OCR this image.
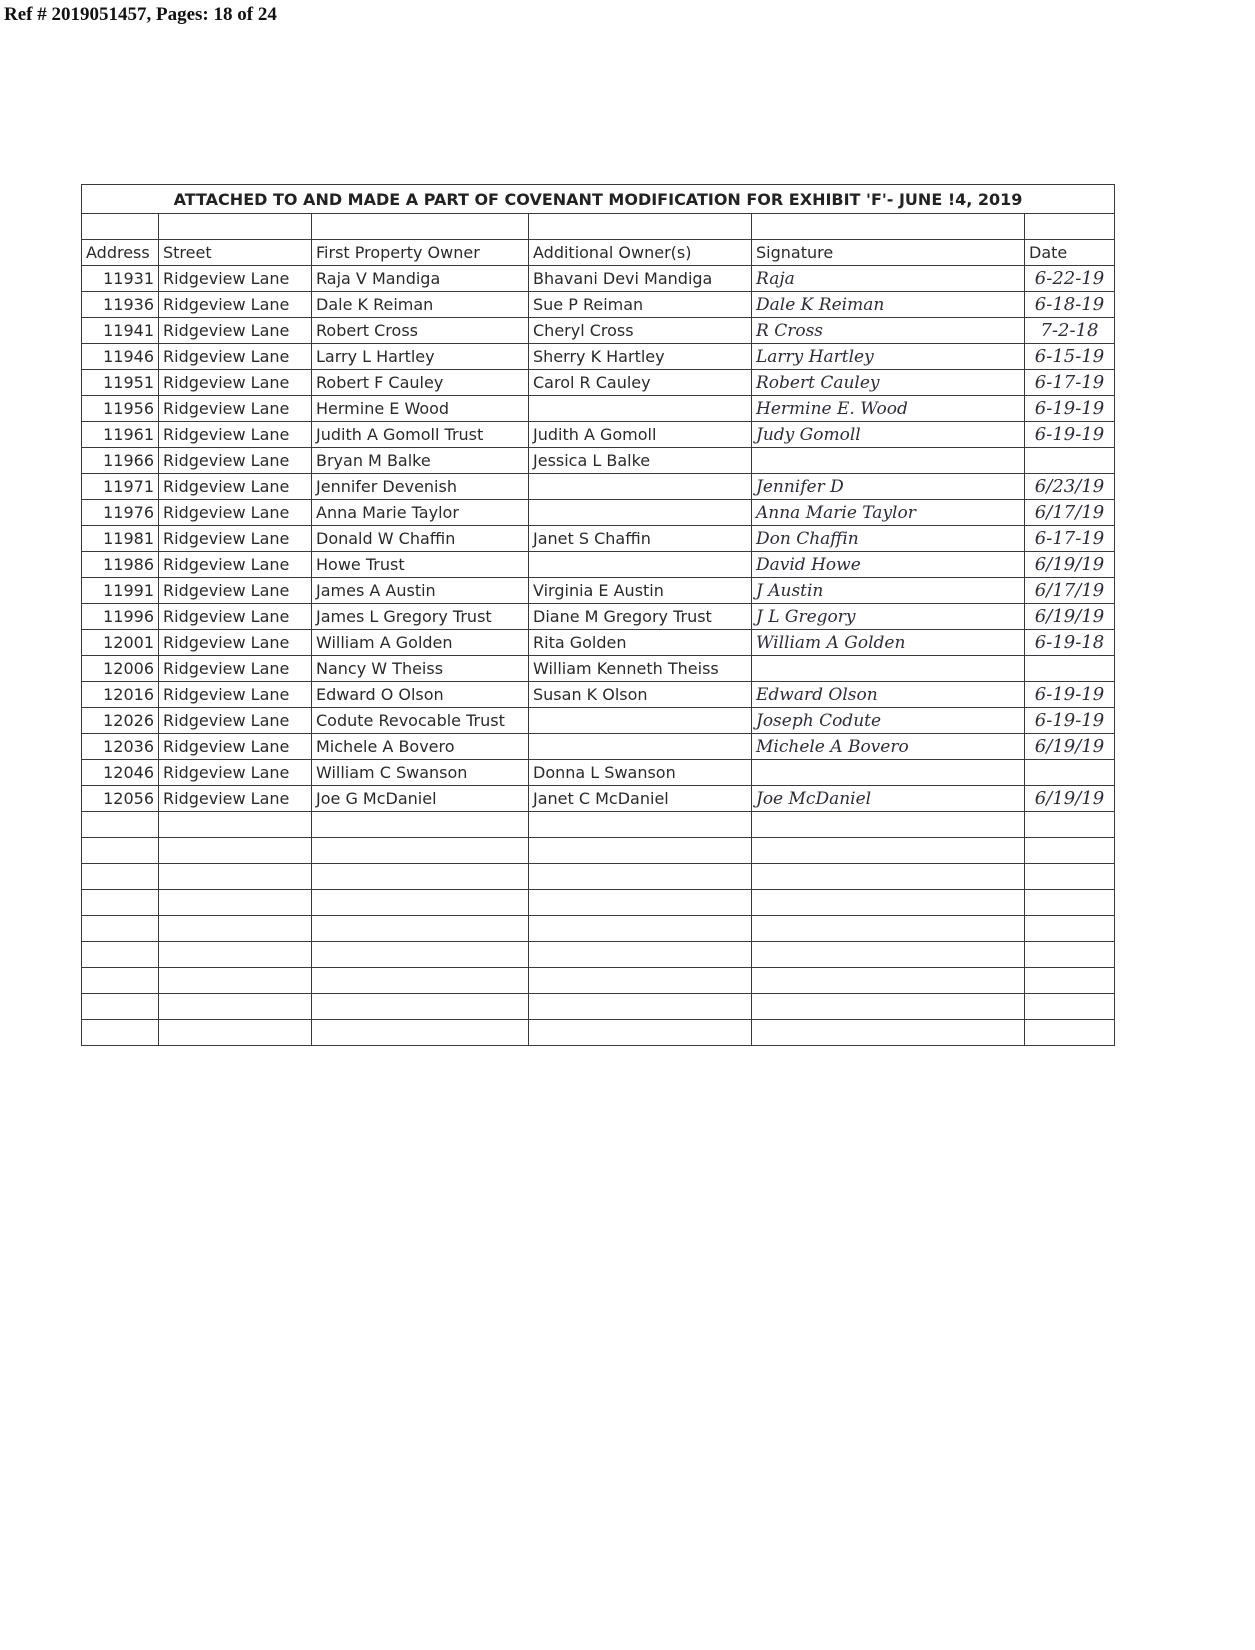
Ref # 2019051457, Pages: 18 of 24
ATTACHED TO AND MADE A PART OF COVENANT MODIFICATION FOR EXHIBIT 'F'- JUNE !4, 2019					

Address	Street	First Property Owner	Additional Owner(s)	Signature	Date
11931	Ridgeview Lane	Raja V Mandiga	Bhavani Devi Mandiga	Raja	6-22-19
11936	Ridgeview Lane	Dale K Reiman	Sue P Reiman	Dale K Reiman	6-18-19
11941	Ridgeview Lane	Robert Cross	Cheryl Cross	R Cross	7-2-18
11946	Ridgeview Lane	Larry L Hartley	Sherry K Hartley	Larry Hartley	6-15-19
11951	Ridgeview Lane	Robert F Cauley	Carol R Cauley	Robert Cauley	6-17-19
11956	Ridgeview Lane	Hermine E Wood		Hermine E. Wood	6-19-19
11961	Ridgeview Lane	Judith A Gomoll Trust	Judith A Gomoll	Judy Gomoll	6-19-19
11966	Ridgeview Lane	Bryan M Balke	Jessica L Balke		
11971	Ridgeview Lane	Jennifer Devenish		Jennifer D	6/23/19
11976	Ridgeview Lane	Anna Marie Taylor		Anna Marie Taylor	6/17/19
11981	Ridgeview Lane	Donald W Chaffin	Janet S Chaffin	Don Chaffin	6-17-19
11986	Ridgeview Lane	Howe Trust		David Howe	6/19/19
11991	Ridgeview Lane	James A Austin	Virginia E Austin	J Austin	6/17/19
11996	Ridgeview Lane	James L Gregory Trust	Diane M Gregory Trust	J L Gregory	6/19/19
12001	Ridgeview Lane	William A Golden	Rita Golden	William A Golden	6-19-18
12006	Ridgeview Lane	Nancy W Theiss	William Kenneth Theiss		
12016	Ridgeview Lane	Edward O Olson	Susan K Olson	Edward Olson	6-19-19
12026	Ridgeview Lane	Codute Revocable Trust		Joseph Codute	6-19-19
12036	Ridgeview Lane	Michele A Bovero		Michele A Bovero	6/19/19
12046	Ridgeview Lane	William C Swanson	Donna L Swanson		
12056	Ridgeview Lane	Joe G McDaniel	Janet C McDaniel	Joe McDaniel	6/19/19
